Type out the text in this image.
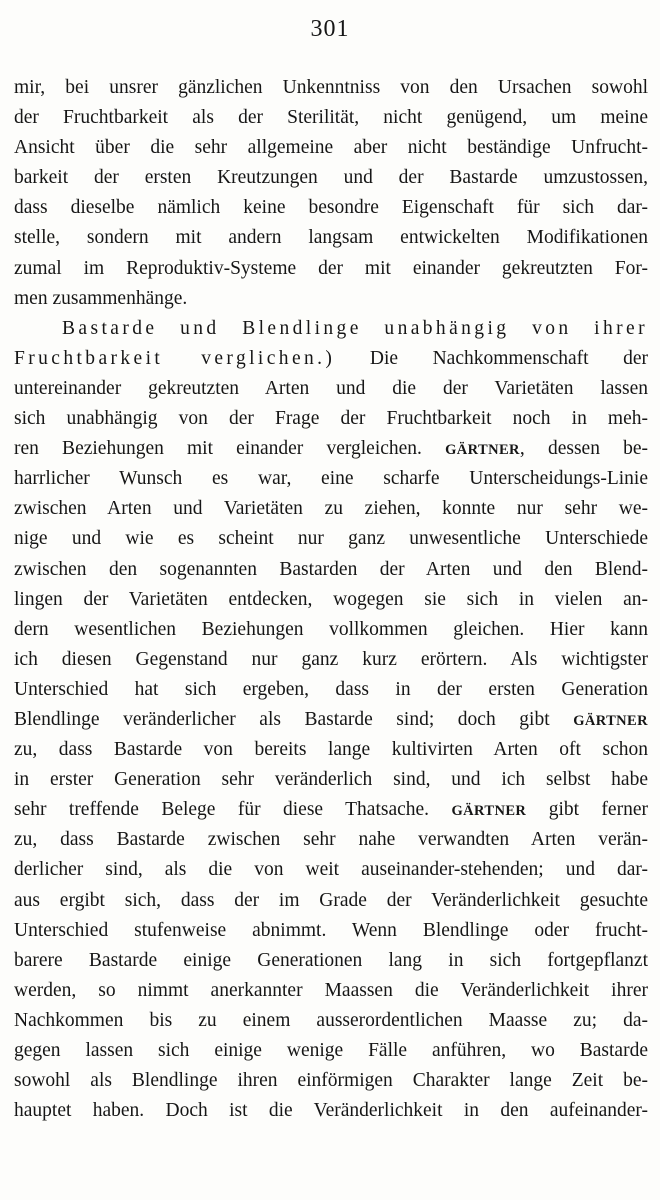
301
mir, bei unsrer gänzlichen Unkenntniss von den Ursachen sowohl
der Fruchtbarkeit als der Sterilität, nicht genügend, um meine
Ansicht über die sehr allgemeine aber nicht beständige Unfrucht-
barkeit der ersten Kreutzungen und der Bastarde umzustossen,
dass dieselbe nämlich keine besondre Eigenschaft für sich dar-
stelle, sondern mit andern langsam entwickelten Modifikationen
zumal im Reproduktiv-Systeme der mit einander gekreutzten For-
men zusammenhänge.
Bastarde und Blendlinge unabhängig von ihrer
Fruchtbarkeit verglichen.) Die Nachkommenschaft der
untereinander gekreutzten Arten und die der Varietäten lassen
sich unabhängig von der Frage der Fruchtbarkeit noch in meh-
ren Beziehungen mit einander vergleichen. GÄRTNER, dessen be-
harrlicher Wunsch es war, eine scharfe Unterscheidungs-Linie
zwischen Arten und Varietäten zu ziehen, konnte nur sehr we-
nige und wie es scheint nur ganz unwesentliche Unterschiede
zwischen den sogenannten Bastarden der Arten und den Blend-
lingen der Varietäten entdecken, wogegen sie sich in vielen an-
dern wesentlichen Beziehungen vollkommen gleichen. Hier kann
ich diesen Gegenstand nur ganz kurz erörtern. Als wichtigster
Unterschied hat sich ergeben, dass in der ersten Generation
Blendlinge veränderlicher als Bastarde sind; doch gibt GÄRTNER
zu, dass Bastarde von bereits lange kultivirten Arten oft schon
in erster Generation sehr veränderlich sind, und ich selbst habe
sehr treffende Belege für diese Thatsache. GÄRTNER gibt ferner
zu, dass Bastarde zwischen sehr nahe verwandten Arten verän-
derlicher sind, als die von weit auseinander-stehenden; und dar-
aus ergibt sich, dass der im Grade der Veränderlichkeit gesuchte
Unterschied stufenweise abnimmt. Wenn Blendlinge oder frucht-
barere Bastarde einige Generationen lang in sich fortgepflanzt
werden, so nimmt anerkannter Maassen die Veränderlichkeit ihrer
Nachkommen bis zu einem ausserordentlichen Maasse zu; da-
gegen lassen sich einige wenige Fälle anführen, wo Bastarde
sowohl als Blendlinge ihren einförmigen Charakter lange Zeit be-
hauptet haben. Doch ist die Veränderlichkeit in den aufeinander-
